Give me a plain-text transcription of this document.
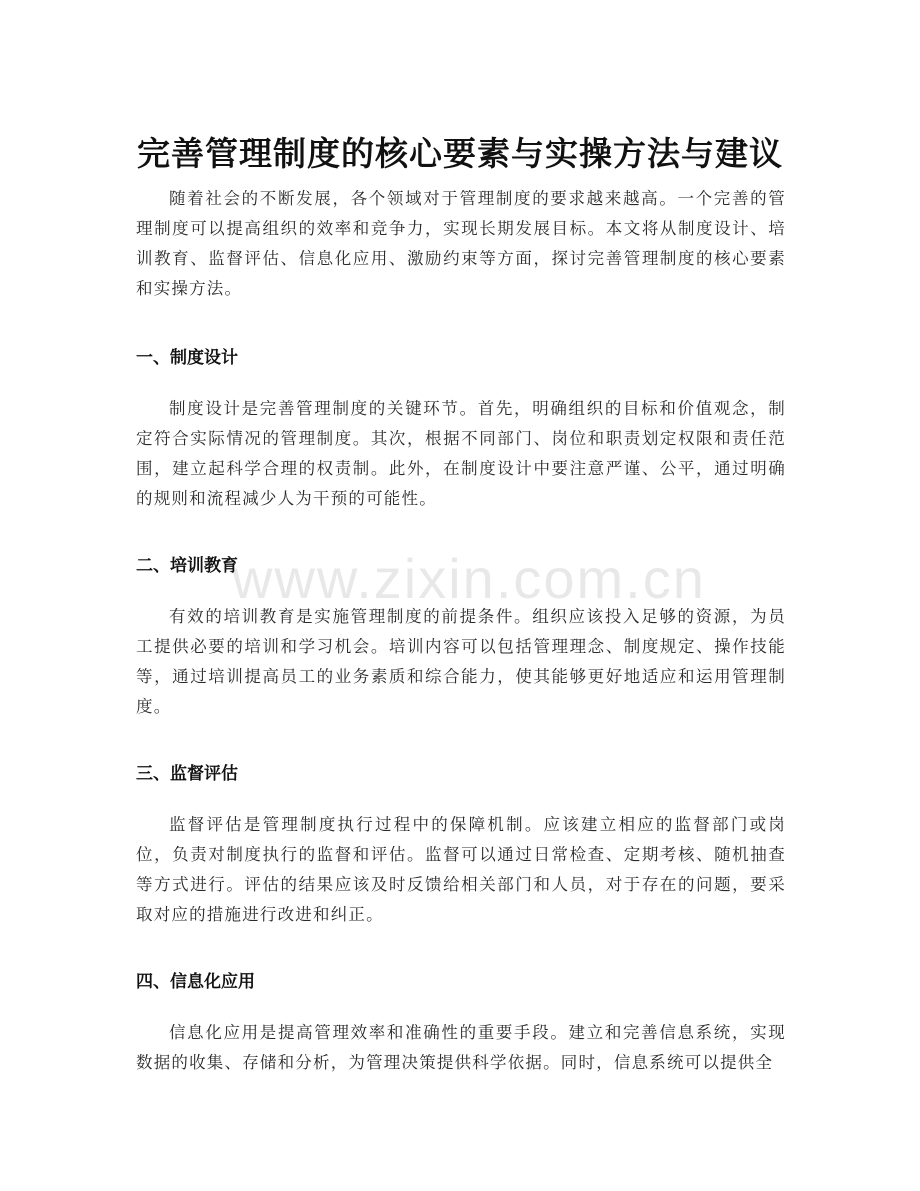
完善管理制度的核心要素与实操方法与建议

随着社会的不断发展，各个领域对于管理制度的要求越来越高。一个完善的管理制度可以提高组织的效率和竞争力，实现长期发展目标。本文将从制度设计、培训教育、监督评估、信息化应用、激励约束等方面，探讨完善管理制度的核心要素和实操方法。

一、制度设计

制度设计是完善管理制度的关键环节。首先，明确组织的目标和价值观念，制定符合实际情况的管理制度。其次，根据不同部门、岗位和职责划定权限和责任范围，建立起科学合理的权责制。此外，在制度设计中要注意严谨、公平，通过明确的规则和流程减少人为干预的可能性。

二、培训教育

有效的培训教育是实施管理制度的前提条件。组织应该投入足够的资源，为员工提供必要的培训和学习机会。培训内容可以包括管理理念、制度规定、操作技能等，通过培训提高员工的业务素质和综合能力，使其能够更好地适应和运用管理制度。

三、监督评估

监督评估是管理制度执行过程中的保障机制。应该建立相应的监督部门或岗位，负责对制度执行的监督和评估。监督可以通过日常检查、定期考核、随机抽查等方式进行。评估的结果应该及时反馈给相关部门和人员，对于存在的问题，要采取对应的措施进行改进和纠正。

四、信息化应用

信息化应用是提高管理效率和准确性的重要手段。建立和完善信息系统，实现数据的收集、存储和分析，为管理决策提供科学依据。同时，信息系统可以提供全

www.zixin.com.cn
